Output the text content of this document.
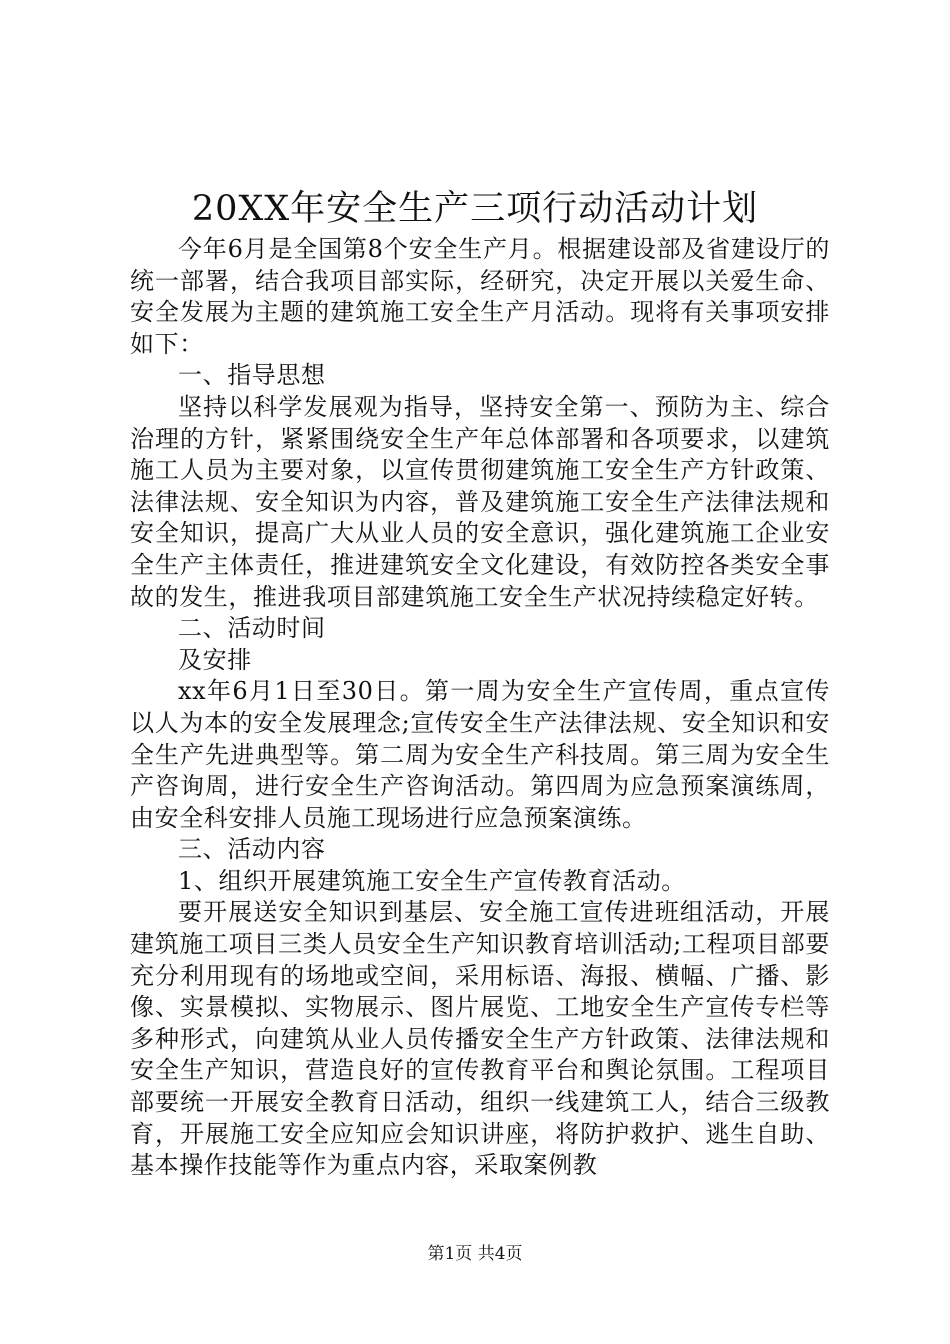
20XX年安全生产三项行动活动计划

今年6月是全国第8个安全生产月。根据建设部及省建设厅的统一部署，结合我项目部实际，经研究，决定开展以关爱生命、安全发展为主题的建筑施工安全生产月活动。现将有关事项安排如下：

一、指导思想

坚持以科学发展观为指导，坚持安全第一、预防为主、综合治理的方针，紧紧围绕安全生产年总体部署和各项要求，以建筑施工人员为主要对象，以宣传贯彻建筑施工安全生产方针政策、法律法规、安全知识为内容，普及建筑施工安全生产法律法规和安全知识，提高广大从业人员的安全意识，强化建筑施工企业安全生产主体责任，推进建筑安全文化建设，有效防控各类安全事故的发生，推进我项目部建筑施工安全生产状况持续稳定好转。

二、活动时间

及安排

xx年6月1日至30日。第一周为安全生产宣传周，重点宣传以人为本的安全发展理念;宣传安全生产法律法规、安全知识和安全生产先进典型等。第二周为安全生产科技周。第三周为安全生产咨询周，进行安全生产咨询活动。第四周为应急预案演练周，由安全科安排人员施工现场进行应急预案演练。

三、活动内容

1、组织开展建筑施工安全生产宣传教育活动。

要开展送安全知识到基层、安全施工宣传进班组活动，开展建筑施工项目三类人员安全生产知识教育培训活动;工程项目部要充分利用现有的场地或空间，采用标语、海报、横幅、广播、影像、实景模拟、实物展示、图片展览、工地安全生产宣传专栏等多种形式，向建筑从业人员传播安全生产方针政策、法律法规和安全生产知识，营造良好的宣传教育平台和舆论氛围。工程项目部要统一开展安全教育日活动，组织一线建筑工人，结合三级教育，开展施工安全应知应会知识讲座，将防护救护、逃生自助、基本操作技能等作为重点内容，采取案例教

第1页 共4页
